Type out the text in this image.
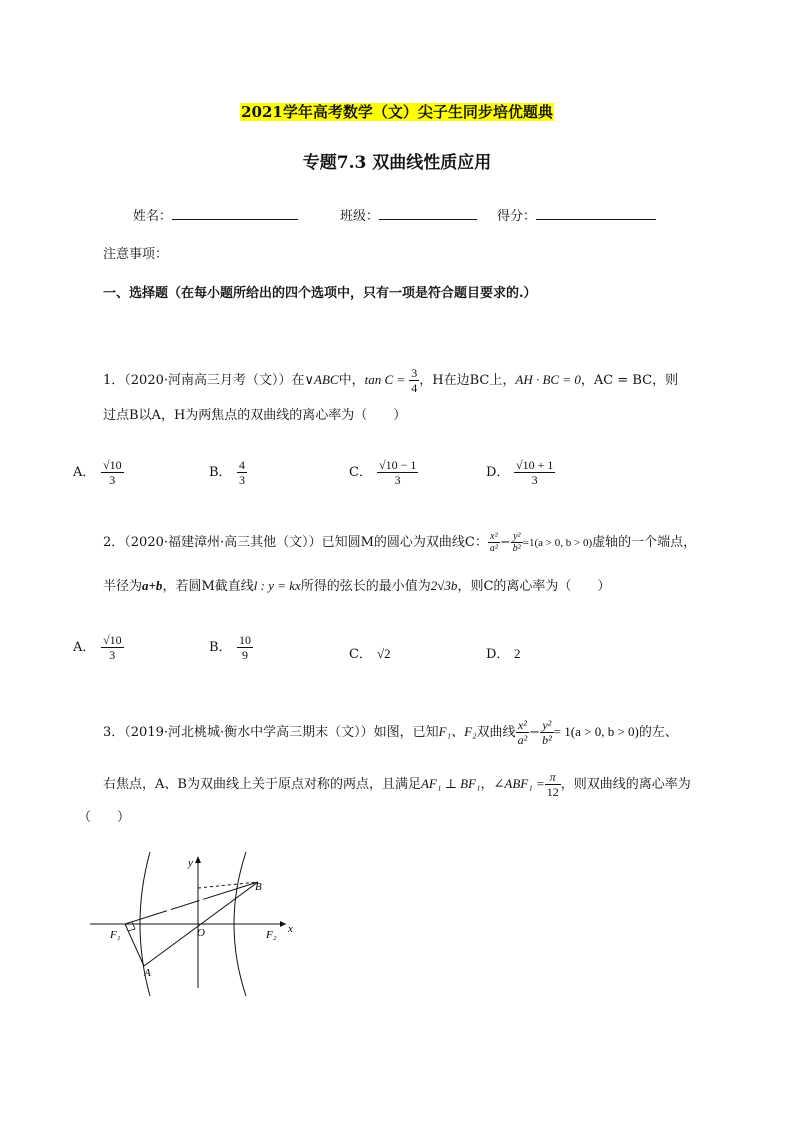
2021学年高考数学（文）尖子生同步培优题典
专题7.3 双曲线性质应用
姓名：	班级：	得分：
注意事项：
一、选择题（在每小题所给出的四个选项中，只有一项是符合题目要求的.）
1．（2020·河南高三月考（文））在∨ABC中，$\tan C = \frac{3}{4}$ ，H在边BC上，AH · BC = 0，AC = BC，则
过点B以A，H为两焦点的双曲线的离心率为（　　）
A． $\frac{√10}{3}$	B． $\frac{4}{3}$	C． $\frac{√10 - 1}{3}$	D． $\frac{√10 + 1}{3}$
2．（2020·福建漳州·高三其他（文））已知圆M的圆心为双曲线C： $\frac{\text{x²}}{\text{a²}} - \frac{\text{y²}}{\text{b²}} =1(a > 0$, b > 0)虚轴的一个端点，
半径为a+b，若圆M截直线l : y = kx所得的弦长的最小值为2√3b，则C的离心率为（　　）
A． $\frac{√10}{3}$	B． $\frac{10}{9}$	C． √2	D． 2
3．（2019·河北桃城·衡水中学高三期末（文））如图，已知F₁、F₂双曲线 $\frac{\text{x²}}{\text{a²}} - \frac{\text{y²}}{\text{b²}} = 1(a > 0$, b > 0)的左、
右焦点，A、B为双曲线上关于原点对称的两点，且满足AF₁ ⊥ BF₁，∠ABF₁ = $\frac{\pi}{12}$ ，则双曲线的离心率为
（　　）
y
x
B
O
F₁	F₂
A
